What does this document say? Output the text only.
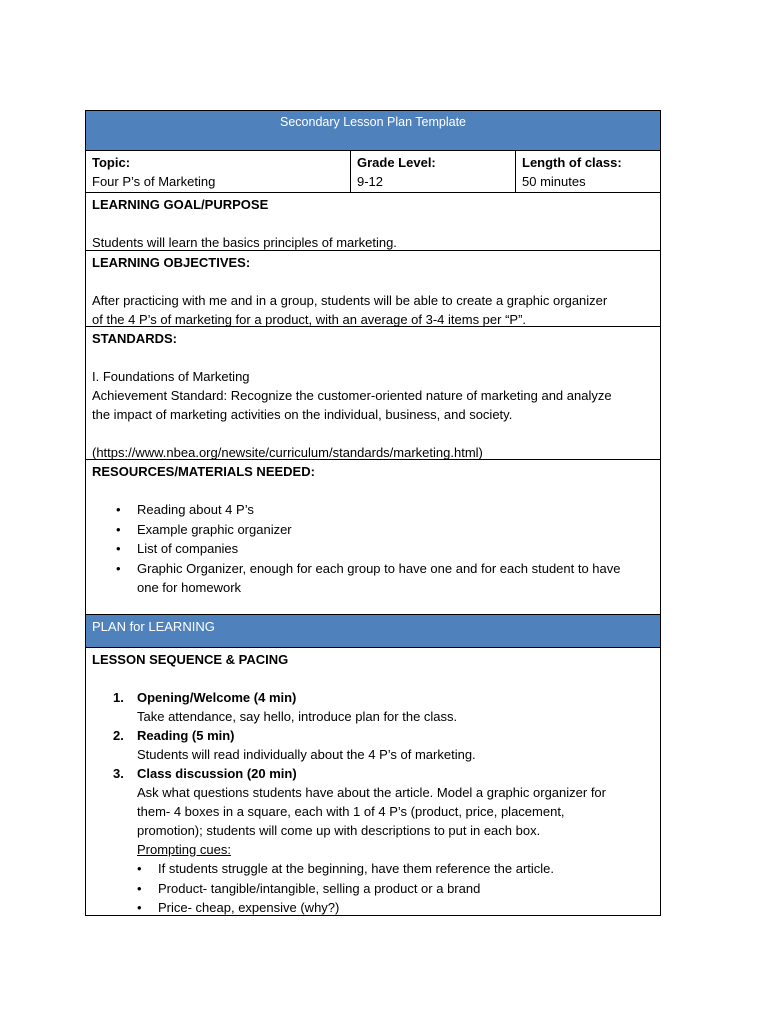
Secondary Lesson Plan Template
Topic:
Four P’s of Marketing
Grade Level:
9-12
Length of class:
50 minutes
LEARNING GOAL/PURPOSE
Students will learn the basics principles of marketing.
LEARNING OBJECTIVES:
After practicing with me and in a group, students will be able to create a graphic organizer
of the 4 P’s of marketing for a product, with an average of 3-4 items per “P”.
STANDARDS:
I. Foundations of Marketing
Achievement Standard: Recognize the customer-oriented nature of marketing and analyze
the impact of marketing activities on the individual, business, and society.
(https://www.nbea.org/newsite/curriculum/standards/marketing.html)
RESOURCES/MATERIALS NEEDED:
• Reading about 4 P’s
• Example graphic organizer
• List of companies
• Graphic Organizer, enough for each group to have one and for each student to have
one for homework
PLAN for LEARNING
LESSON SEQUENCE & PACING
1. Opening/Welcome (4 min)
Take attendance, say hello, introduce plan for the class.
2. Reading (5 min)
Students will read individually about the 4 P’s of marketing.
3. Class discussion (20 min)
Ask what questions students have about the article. Model a graphic organizer for
them- 4 boxes in a square, each with 1 of 4 P’s (product, price, placement,
promotion); students will come up with descriptions to put in each box.
Prompting cues:
• If students struggle at the beginning, have them reference the article.
• Product- tangible/intangible, selling a product or a brand
• Price- cheap, expensive (why?)
